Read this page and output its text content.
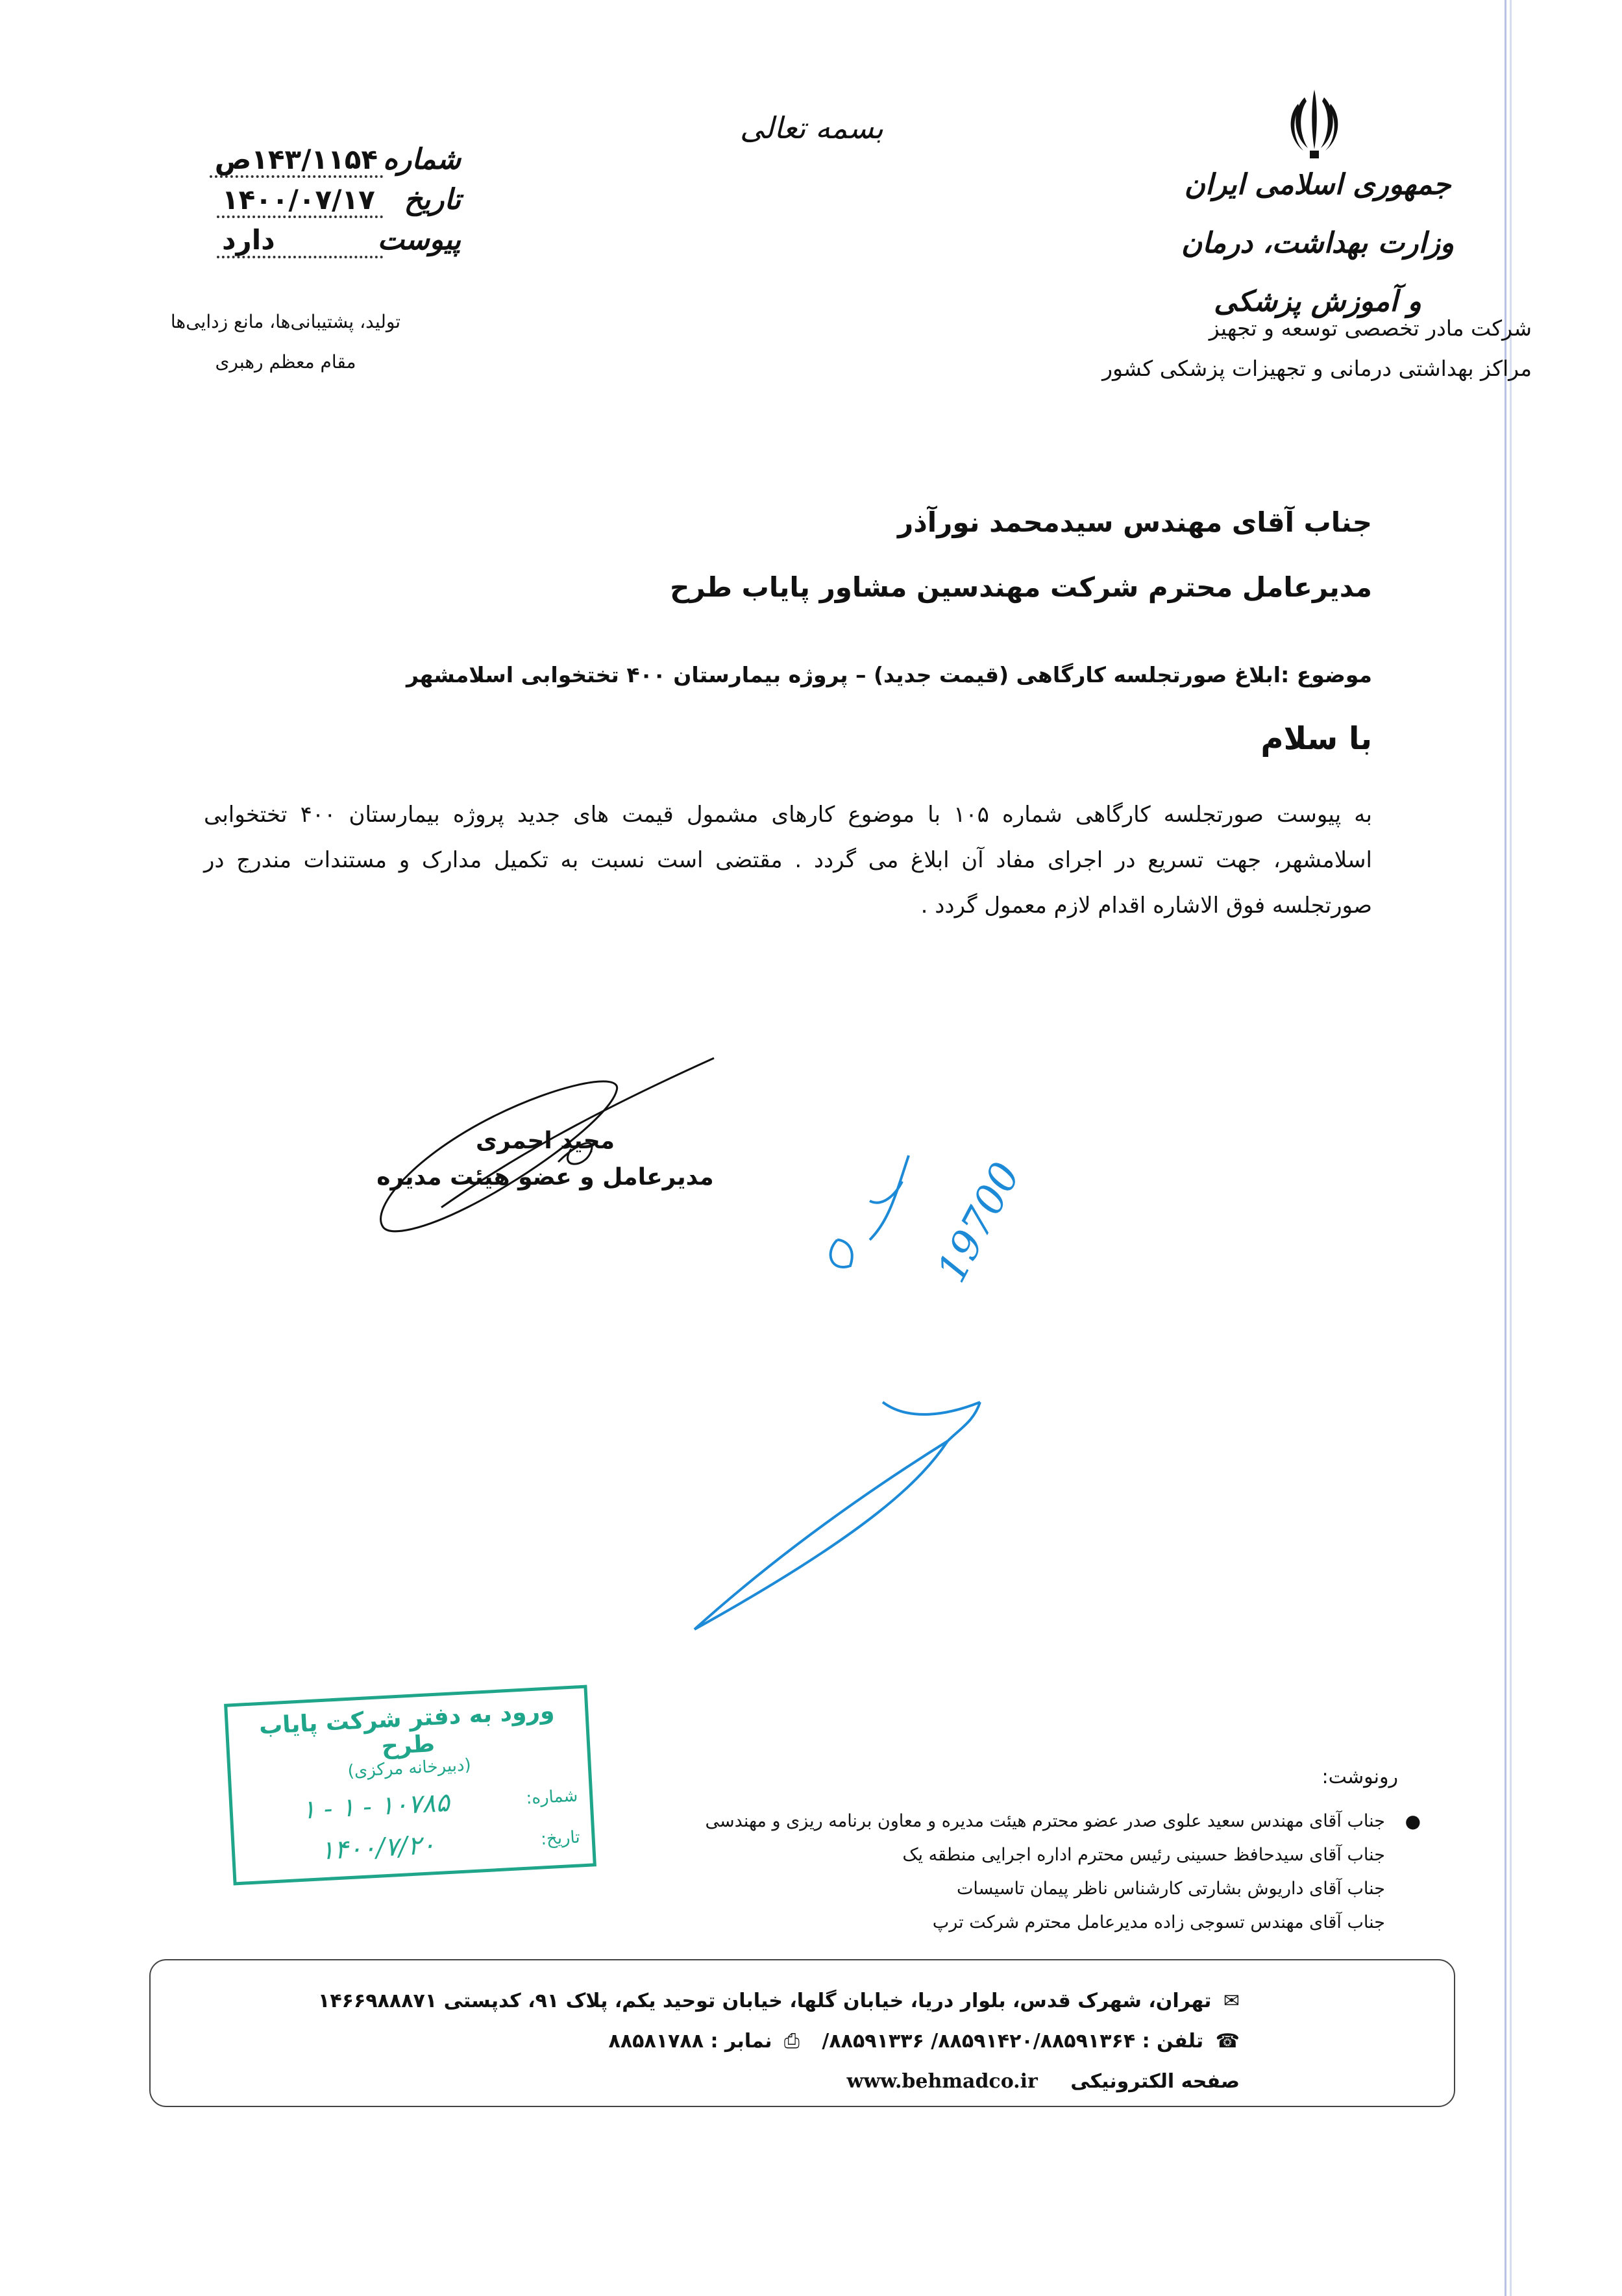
بسمه تعالی
شماره
۱۴۳/۱۱۵۴ص
تاریخ
۱۴۰۰/۰۷/۱۷
پیوست
دارد
تولید، پشتیبانی‌ها، مانع زدایی‌ها
مقام معظم رهبری
جمهوری اسلامی ایران
وزارت بهداشت، درمان و آموزش پزشکی
شرکت مادر تخصصی توسعه و تجهیز
مراکز بهداشتی درمانی و تجهیزات پزشکی کشور
جناب آقای مهندس سیدمحمد نورآذر
مدیرعامل محترم شرکت مهندسین مشاور پایاب طرح
موضوع :ابلاغ صورتجلسه کارگاهی (قیمت جدید) – پروژه بیمارستان ۴۰۰ تختخوابی اسلامشهر
با سلام
به پیوست صورتجلسه کارگاهی شماره ۱۰۵ با موضوع کارهای مشمول قیمت های جدید پروژه بیمارستان ۴۰۰ تختخوابی اسلامشهر، جهت تسریع در اجرای مفاد آن ابلاغ می گردد . مقتضی است نسبت به تکمیل مدارک و مستندات مندرج در صورتجلسه فوق الاشاره اقدام لازم معمول گردد .
مجید احمری
مدیرعامل و عضو هیئت مدیره	19700
ورود به دفتر شرکت پایاب طرح
(دبیرخانه مرکزی)
شماره:
۱۰۷۸۵ - ۱ - ۱
تاریخ:
۱۴۰۰/۷/۲۰
رونوشت:
●
جناب آقای مهندس سعید علوی صدر عضو محترم هیئت مدیره و معاون برنامه ریزی و مهندسی
جناب آقای سیدحافظ حسینی رئیس محترم اداره اجرایی منطقه یک
جناب آقای داریوش بشارتی کارشناس ناظر پیمان تاسیسات
جناب آقای مهندس تسوجی زاده مدیرعامل محترم شرکت ترپ
✉ تهران، شهرک قدس، بلوار دریا، خیابان گلها، خیابان توحید یکم، پلاک ۹۱، کدپستی ۱۴۶۶۹۸۸۸۷۱
☎ تلفن : ۸۸۵۹۱۴۲۰/۸۸۵۹۱۳۶۴/ ۸۸۵۹۱۳۳۶/ ⎙ نمابر : ۸۸۵۸۱۷۸۸
صفحه الکترونیکی www.behmadco.ir
